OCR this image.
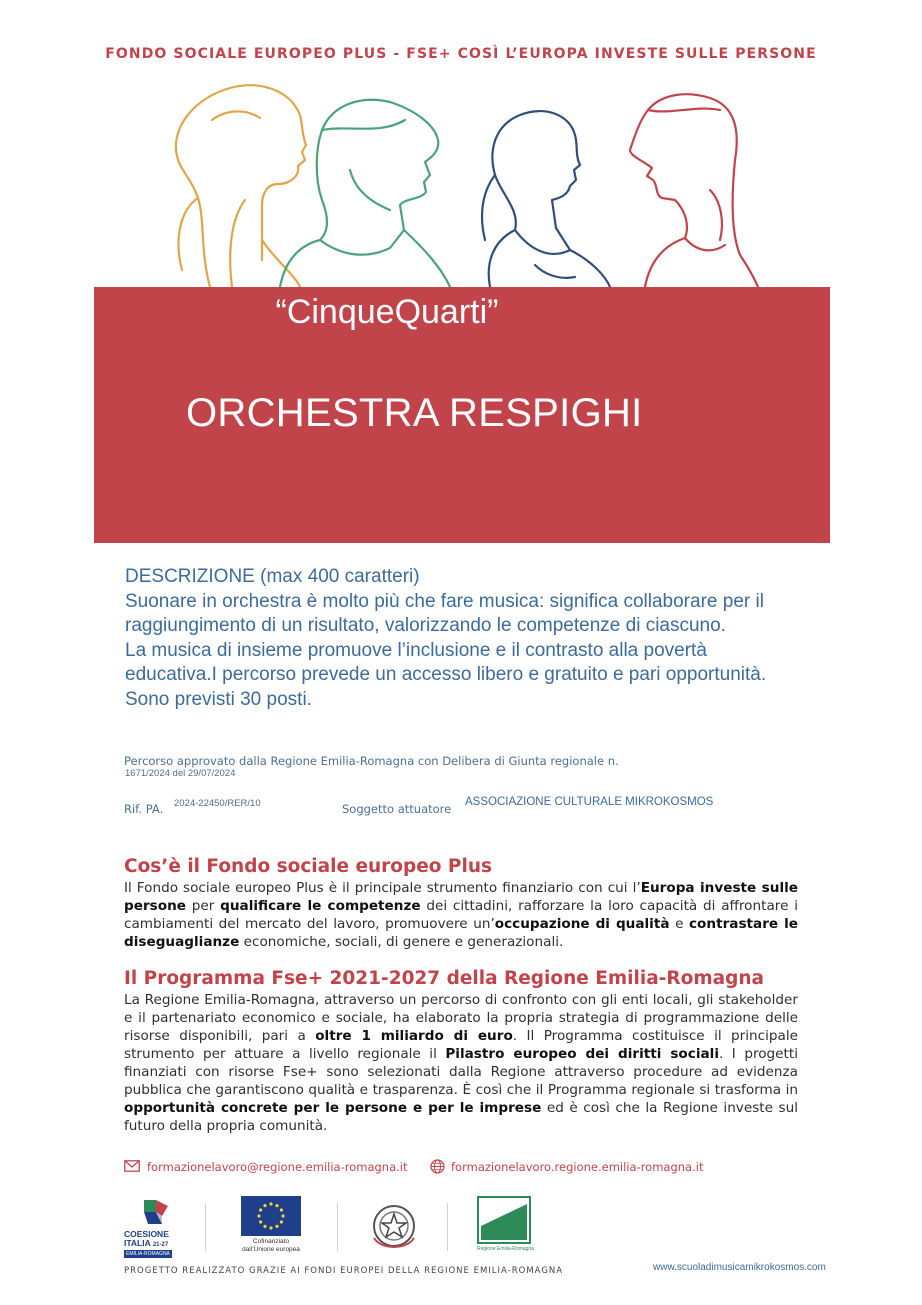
FONDO SOCIALE EUROPEO PLUS - FSE+ COSÌ L’EUROPA INVESTE SULLE PERSONE
“CinqueQuarti”
ORCHESTRA RESPIGHI

DESCRIZIONE (max 400 caratteri)

Suonare in orchestra è molto più che fare musica: significa collaborare per il

raggiungimento di un risultato, valorizzando le competenze di ciascuno.

La musica di insieme promuove l’inclusione e il contrasto alla povertà

educativa.I percorso prevede un accesso libero e gratuito e pari opportunità.

Sono previsti 30 posti.

Percorso approvato dalla Regione Emilia-Romagna con Delibera di Giunta regionale n.
1671/2024 del 29/07/2024
Rif. PA. 2024-22450/RER/10	Soggetto attuatore ASSOCIAZIONE CULTURALE MIKROKOSMOS
Cos’è il Fondo sociale europeo Plus
Il Fondo sociale europeo Plus è il principale strumento finanziario con cui l’Europa investe sulle persone per qualificare le competenze dei cittadini, rafforzare la loro capacità di affrontare i cambiamenti del mercato del lavoro, promuovere un’occupazione di qualità e contrastare le diseguaglianze economiche, sociali, di genere e generazionali.
Il Programma Fse+ 2021-2027 della Regione Emilia-Romagna
La Regione Emilia-Romagna, attraverso un percorso di confronto con gli enti locali, gli stakeholder e il partenariato economico e sociale, ha elaborato la propria strategia di programmazione delle risorse disponibili, pari a oltre 1 miliardo di euro. Il Programma costituisce il principale strumento per attuare a livello regionale il Pilastro europeo dei diritti sociali. I progetti finanziati con risorse Fse+ sono selezionati dalla Regione attraverso procedure ad evidenza pubblica che garantiscono qualità e trasparenza. È così che il Programma regionale si trasforma in opportunità concrete per le persone e per le imprese ed è così che la Regione investe sul futuro della propria comunità.
formazionelavoro@regione.emilia-romagna.it	formazionelavoro.regione.emilia-romagna.it
COESIONE
ITALIA 21-27
EMILIA-ROMAGNA
Cofinanziato
dall’Unione europea	Regione Emilia-Romagna
PROGETTO REALIZZATO GRAZIE AI FONDI EUROPEI DELLA REGIONE EMILIA-ROMAGNA	www.scuoladimusicamikrokosmos.com
